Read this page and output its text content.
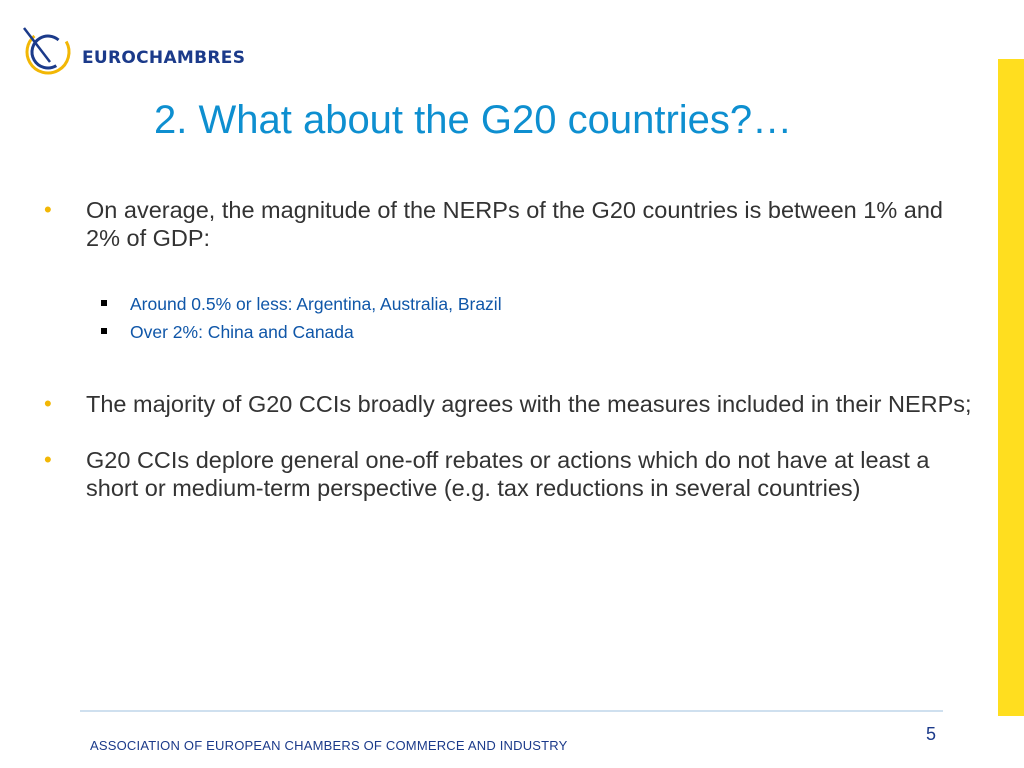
EUROCHAMBRES
2. What about the G20 countries?…
• On average, the magnitude of the NERPs of the G20 countries is between 1% and 2% of GDP:
Around 0.5% or less: Argentina, Australia, Brazil
Over 2%: China and Canada
• The majority of G20 CCIs broadly agrees with the measures included in their NERPs;
• G20 CCIs deplore general one-off rebates or actions which do not have at least a short or medium-term perspective (e.g. tax reductions in several countries)
ASSOCIATION OF EUROPEAN CHAMBERS OF COMMERCE AND INDUSTRY
5
